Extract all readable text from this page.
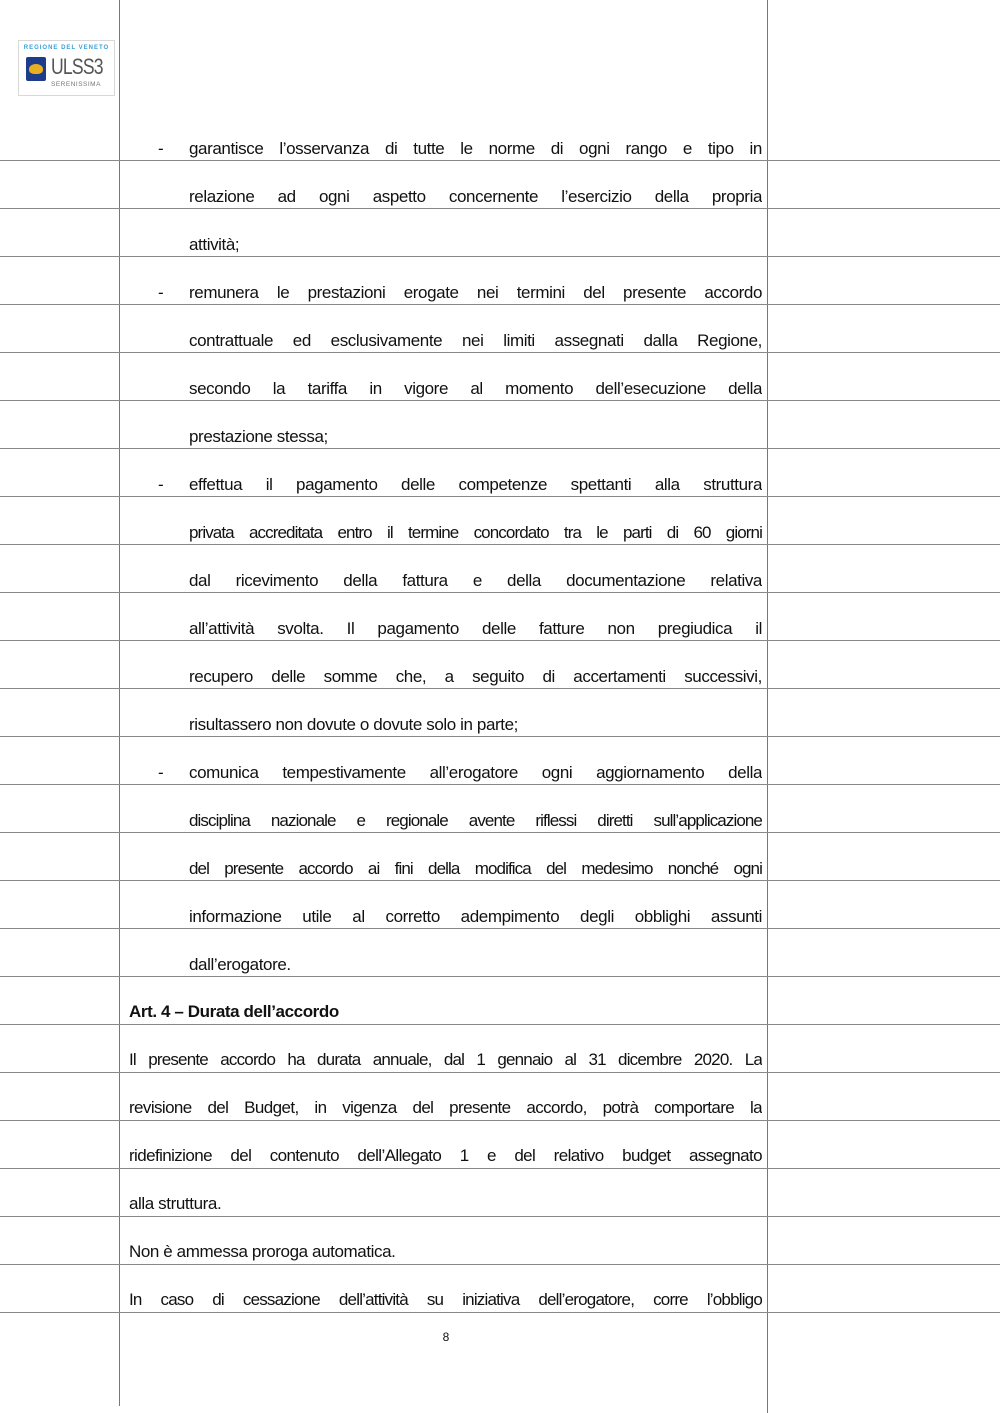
REGIONE DEL VENETO
ULSS3
SERENISSIMA
- garantisce l’osservanza di tutte le norme di ogni rango e tipo in
relazione ad ogni aspetto concernente l’esercizio della propria
attività;
- remunera le prestazioni erogate nei termini del presente accordo
contrattuale ed esclusivamente nei limiti assegnati dalla Regione,
secondo la tariffa in vigore al momento dell’esecuzione della
prestazione stessa;
- effettua il pagamento delle competenze spettanti alla struttura
privata accreditata entro il termine concordato tra le parti di 60 giorni
dal ricevimento della fattura e della documentazione relativa
all’attività svolta. Il pagamento delle fatture non pregiudica il
recupero delle somme che, a seguito di accertamenti successivi,
risultassero non dovute o dovute solo in parte;
- comunica tempestivamente all’erogatore ogni aggiornamento della
disciplina nazionale e regionale avente riflessi diretti sull’applicazione
del presente accordo ai fini della modifica del medesimo nonché ogni
informazione utile al corretto adempimento degli obblighi assunti
dall’erogatore.
Art. 4 – Durata dell’accordo
Il presente accordo ha durata annuale, dal 1 gennaio al 31 dicembre 2020. La
revisione del Budget, in vigenza del presente accordo, potrà comportare la
ridefinizione del contenuto dell’Allegato 1 e del relativo budget assegnato
alla struttura.
Non è ammessa proroga automatica.
In caso di cessazione dell’attività su iniziativa dell’erogatore, corre l’obbligo
8
